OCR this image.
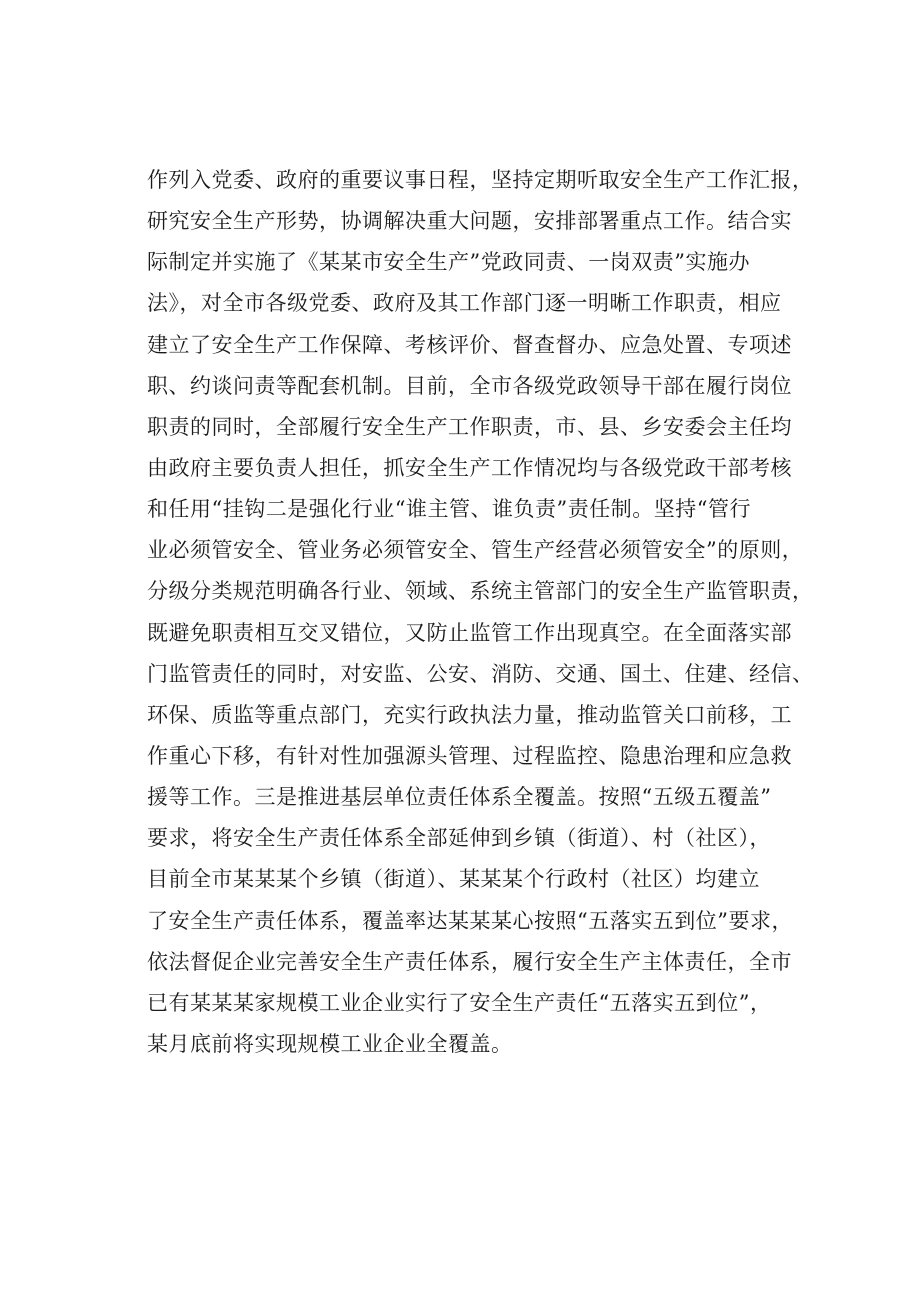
作列入党委、政府的重要议事日程，坚持定期听取安全生产工作汇报，
研究安全生产形势，协调解决重大问题，安排部署重点工作。结合实
际制定并实施了《某某市安全生产”党政同责、一岗双责”实施办
法》，对全市各级党委、政府及其工作部门逐一明晰工作职责，相应
建立了安全生产工作保障、考核评价、督查督办、应急处置、专项述
职、约谈问责等配套机制。目前，全市各级党政领导干部在履行岗位
职责的同时，全部履行安全生产工作职责，市、县、乡安委会主任均
由政府主要负责人担任，抓安全生产工作情况均与各级党政干部考核
和任用“挂钩二是强化行业“谁主管、谁负责”责任制。坚持“管行
业必须管安全、管业务必须管安全、管生产经营必须管安全”的原则，
分级分类规范明确各行业、领域、系统主管部门的安全生产监管职责，
既避免职责相互交叉错位，又防止监管工作出现真空。在全面落实部
门监管责任的同时，对安监、公安、消防、交通、国土、住建、经信、
环保、质监等重点部门，充实行政执法力量，推动监管关口前移，工
作重心下移，有针对性加强源头管理、过程监控、隐患治理和应急救
援等工作。三是推进基层单位责任体系全覆盖。按照“五级五覆盖”
要求，将安全生产责任体系全部延伸到乡镇（街道）、村（社区），
目前全市某某某个乡镇（街道）、某某某个行政村（社区）均建立
了安全生产责任体系，覆盖率达某某某心按照“五落实五到位”要求，
依法督促企业完善安全生产责任体系，履行安全生产主体责任，全市
已有某某某家规模工业企业实行了安全生产责任“五落实五到位”，
某月底前将实现规模工业企业全覆盖。
